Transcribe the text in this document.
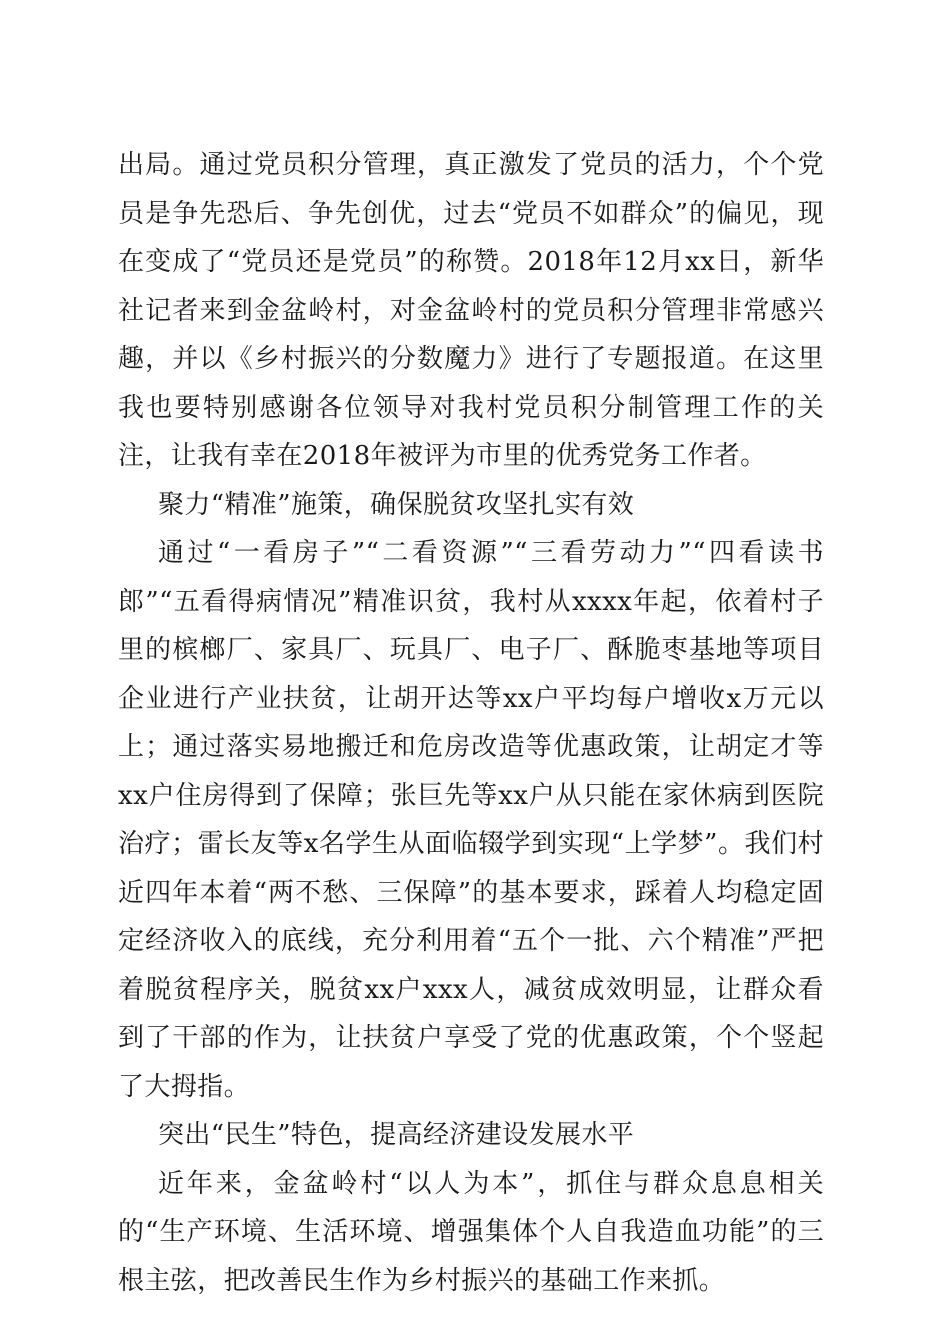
出局。通过党员积分管理，真正激发了党员的活力，个个党员是争先恐后、争先创优，过去“党员不如群众”的偏见，现在变成了“党员还是党员”的称赞。2018年12月xx日，新华社记者来到金盆岭村，对金盆岭村的党员积分管理非常感兴趣，并以《乡村振兴的分数魔力》进行了专题报道。在这里我也要特别感谢各位领导对我村党员积分制管理工作的关注，让我有幸在2018年被评为市里的优秀党务工作者。

聚力“精准”施策，确保脱贫攻坚扎实有效

通过“一看房子”“二看资源”“三看劳动力”“四看读书郎”“五看得病情况”精准识贫，我村从xxxx年起，依着村子里的槟榔厂、家具厂、玩具厂、电子厂、酥脆枣基地等项目企业进行产业扶贫，让胡开达等xx户平均每户增收x万元以上；通过落实易地搬迁和危房改造等优惠政策，让胡定才等xx户住房得到了保障；张巨先等xx户从只能在家休病到医院治疗；雷长友等x名学生从面临辍学到实现“上学梦”。我们村近四年本着“两不愁、三保障”的基本要求，踩着人均稳定固定经济收入的底线，充分利用着“五个一批、六个精准”严把着脱贫程序关，脱贫xx户xxx人，减贫成效明显，让群众看到了干部的作为，让扶贫户享受了党的优惠政策，个个竖起了大拇指。

突出“民生”特色，提高经济建设发展水平

近年来，金盆岭村“以人为本”，抓住与群众息息相关的“生产环境、生活环境、增强集体个人自我造血功能”的三根主弦，把改善民生作为乡村振兴的基础工作来抓。
